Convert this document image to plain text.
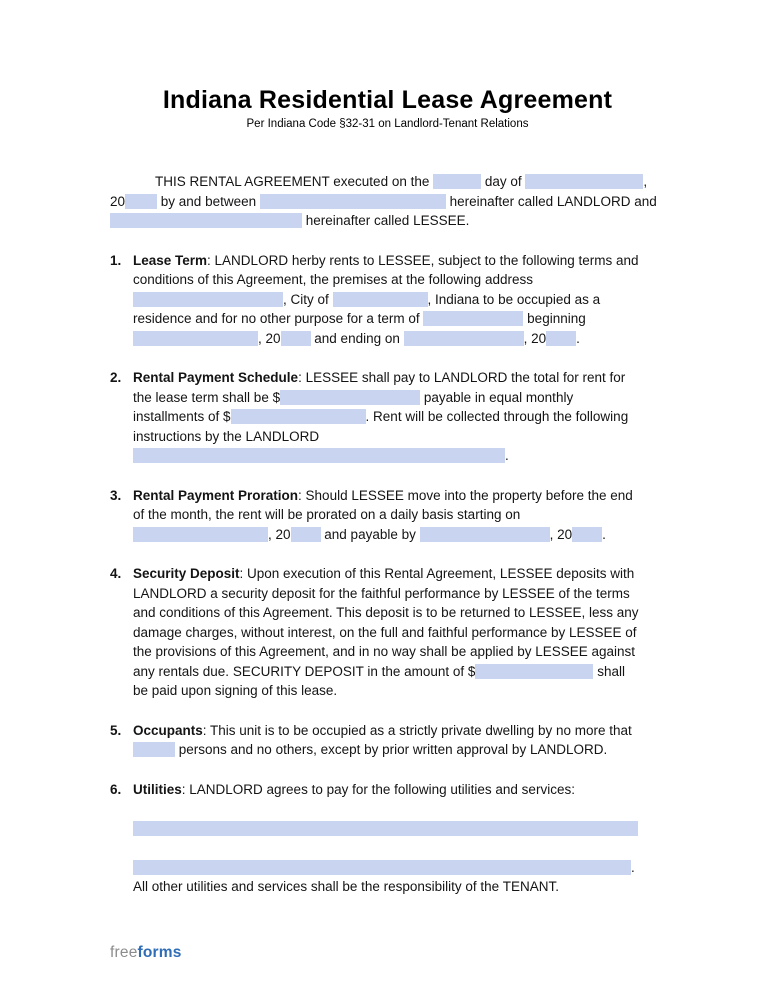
Indiana Residential Lease Agreement
Per Indiana Code §32-31 on Landlord-Tenant Relations

THIS RENTAL AGREEMENT executed on the	day of	, 20 by and between	hereinafter called LANDLORD and  hereinafter called LESSEE.

1. Lease Term: LANDLORD herby rents to LESSEE, subject to the following terms and conditions of this Agreement, the premises at the following address , City of	, Indiana to be occupied as a residence and for no other purpose for a term of	beginning , 20 and ending on	, 20 .
2. Rental Payment Schedule: LESSEE shall pay to LANDLORD the total for rent for the lease term shall be $	payable in equal monthly installments of $	. Rent will be collected through the following instructions by the LANDLORD .
3. Rental Payment Proration: Should LESSEE move into the property before the end of the month, the rent will be prorated on a daily basis starting on , 20 and payable by	, 20 .
4. Security Deposit: Upon execution of this Rental Agreement, LESSEE deposits with LANDLORD a security deposit for the faithful performance by LESSEE of the terms and conditions of this Agreement. This deposit is to be returned to LESSEE, less any damage charges, without interest, on the full and faithful performance by LESSEE of the provisions of this Agreement, and in no way shall be applied by LESSEE against any rentals due. SECURITY DEPOSIT in the amount of $	shall be paid upon signing of this lease.
5. Occupants: This unit is to be occupied as a strictly private dwelling by no more that  persons and no others, except by prior written approval by LANDLORD.
6. Utilities: LANDLORD agrees to pay for the following utilities and services:

.
All other utilities and services shall be the responsibility of the TENANT.
freeforms
